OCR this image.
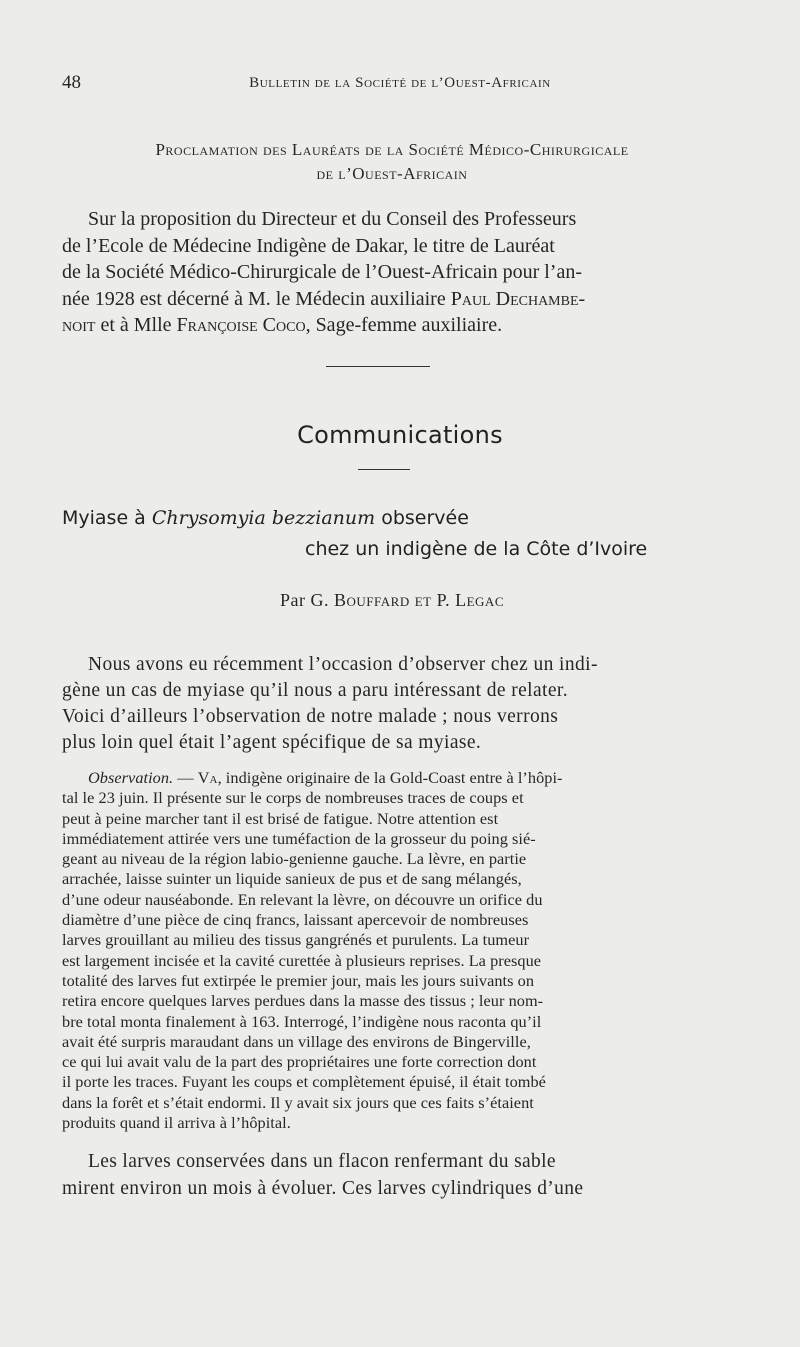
48	Bulletin de la Société de l’Ouest-Africain
Proclamation des Lauréats de la Société Médico-Chirurgicale
de l’Ouest-Africain
Sur la proposition du Directeur et du Conseil des Professeurs
de l’Ecole de Médecine Indigène de Dakar, le titre de Lauréat
de la Société Médico-Chirurgicale de l’Ouest-Africain pour l’an-
née 1928 est décerné à M. le Médecin auxiliaire Paul Dechambe-
noit et à Mlle Françoise Coco, Sage-femme auxiliaire.
Communications
Myiase à Chrysomyia bezzianum observée
chez un indigène de la Côte d’Ivoire
Par G. Bouffard et P. Legac
Nous avons eu récemment l’occasion d’observer chez un indi-
gène un cas de myiase qu’il nous a paru intéressant de relater.
Voici d’ailleurs l’observation de notre malade ; nous verrons
plus loin quel était l’agent spécifique de sa myiase.
Observation. — Va, indigène originaire de la Gold-Coast entre à l’hôpi-
tal le 23 juin. Il présente sur le corps de nombreuses traces de coups et
peut à peine marcher tant il est brisé de fatigue. Notre attention est
immédiatement attirée vers une tuméfaction de la grosseur du poing sié-
geant au niveau de la région labio-genienne gauche. La lèvre, en partie
arrachée, laisse suinter un liquide sanieux de pus et de sang mélangés,
d’une odeur nauséabonde. En relevant la lèvre, on découvre un orifice du
diamètre d’une pièce de cinq francs, laissant apercevoir de nombreuses
larves grouillant au milieu des tissus gangrénés et purulents. La tumeur
est largement incisée et la cavité curettée à plusieurs reprises. La presque
totalité des larves fut extirpée le premier jour, mais les jours suivants on
retira encore quelques larves perdues dans la masse des tissus ; leur nom-
bre total monta finalement à 163. Interrogé, l’indigène nous raconta qu’il
avait été surpris maraudant dans un village des environs de Bingerville,
ce qui lui avait valu de la part des propriétaires une forte correction dont
il porte les traces. Fuyant les coups et complètement épuisé, il était tombé
dans la forêt et s’était endormi. Il y avait six jours que ces faits s’étaient
produits quand il arriva à l’hôpital.
Les larves conservées dans un flacon renfermant du sable
mirent environ un mois à évoluer. Ces larves cylindriques d’une
